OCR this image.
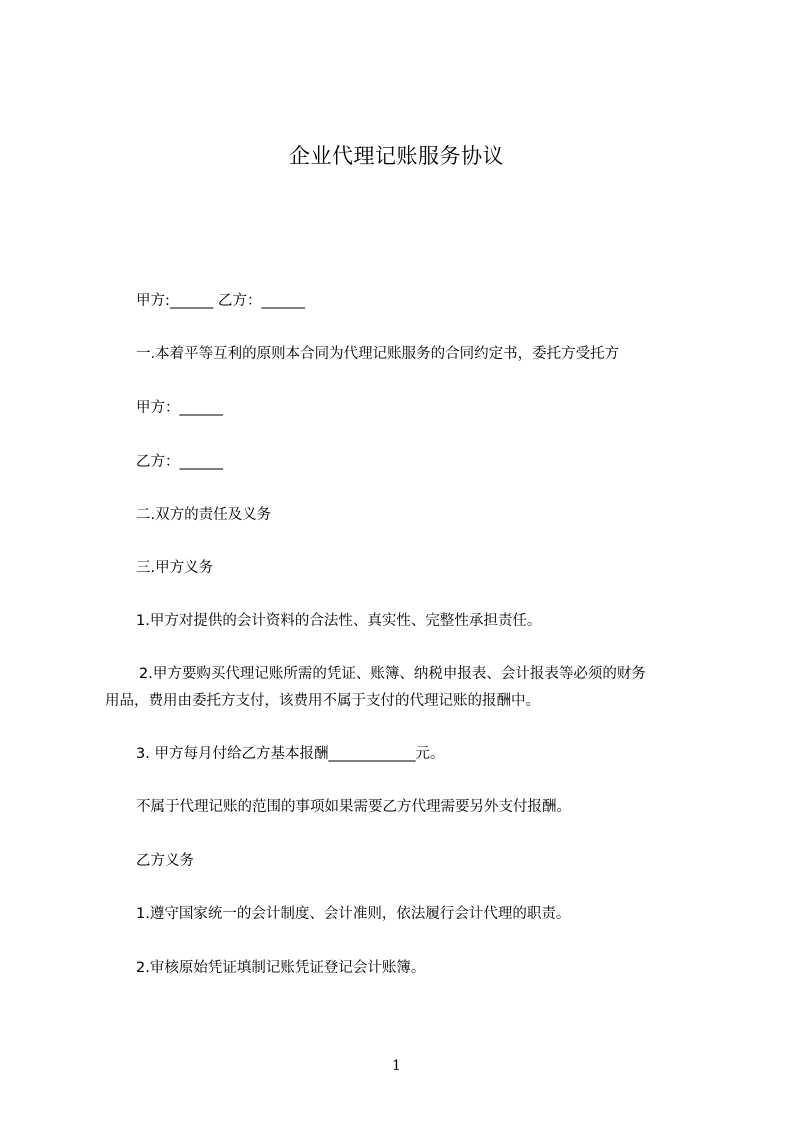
企业代理记账服务协议
甲方:______ 乙方：______
一.本着平等互利的原则本合同为代理记账服务的合同约定书，委托方受托方
甲方：______
乙方：______
二.双方的责任及义务
三.甲方义务
1.甲方对提供的会计资料的合法性、真实性、完整性承担责任。
2.甲方要购买代理记账所需的凭证、账簿、纳税申报表、会计报表等必须的财务
用品，费用由委托方支付，该费用不属于支付的代理记账的报酬中。
3. 甲方每月付给乙方基本报酬____________元。
不属于代理记账的范围的事项如果需要乙方代理需要另外支付报酬。
乙方义务
1.遵守国家统一的会计制度、会计准则，依法履行会计代理的职责。
2.审核原始凭证填制记账凭证登记会计账簿。
1
